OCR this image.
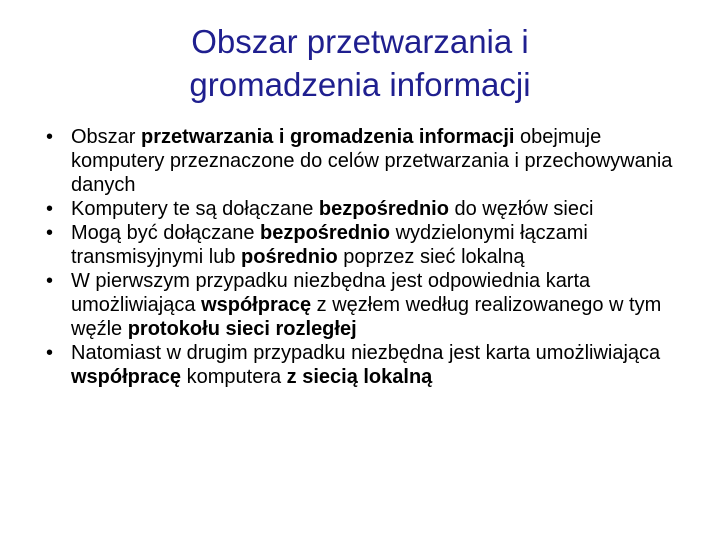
Obszar przetwarzania i
gromadzenia informacji
• Obszar przetwarzania i gromadzenia informacji obejmuje komputery przeznaczone do celów przetwarzania i przechowywania danych
• Komputery te są dołączane bezpośrednio do węzłów sieci
• Mogą być dołączane bezpośrednio wydzielonymi łączami transmisyjnymi lub pośrednio poprzez sieć lokalną
• W pierwszym przypadku niezbędna jest odpowiednia karta umożliwiająca współpracę z węzłem według realizowanego w tym węźle protokołu sieci rozległej
• Natomiast w drugim przypadku niezbędna jest karta umożliwiająca współpracę komputera z siecią lokalną
